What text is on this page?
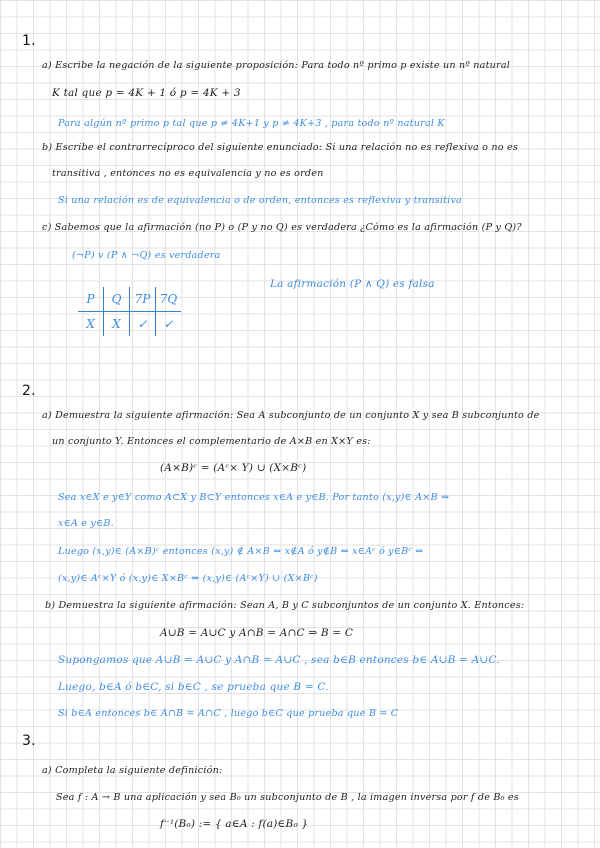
1.
a) Escribe la negación de la siguiente proposición: Para todo nº primo p existe un nº natural
K tal que p = 4K + 1 ó p = 4K + 3
Para algún nº primo p tal que p ≠ 4K+1 y p ≠ 4K+3 , para todo nº natural K
b) Escribe el contrarrecíproco del siguiente enunciado: Si una relación no es reflexiva o no es
transitiva , entonces no es equivalencia y no es orden
Si una relación es de equivalencia o de orden, entonces es reflexiva y transitiva
c) Sabemos que la afirmación (no P) o (P y no Q) es verdadera ¿Cómo es la afirmación (P y Q)?
(¬P) v (P ∧ ¬Q) es verdadera
La afirmación (P ∧ Q) es falsa
P	Q	7P	7Q
X	X	✓	✓
2.
a) Demuestra la siguiente afirmación: Sea A subconjunto de un conjunto X y sea B subconjunto de
un conjunto Y. Entonces el complementario de A×B en X×Y es:
(A×B)ᶜ = (Aᶜ× Y) ∪ (X×Bᶜ)
Sea x∈X e y∈Y como A⊂X y B⊂Y entonces x∈A e y∈B. Por tanto (x,y)∈ A×B ⇔
x∈A e y∈B.
Luego (x,y)∈ (A×B)ᶜ entonces (x,y) ∉ A×B ⇔ x∉A ó y∉B ⇔ x∈Aᶜ ó y∈Bᶜ ⇔
(x,y)∈ Aᶜ×Y ó (x,y)∈ X×Bᶜ ⇔ (x,y)∈ (Aᶜ×Y) ∪ (X×Bᶜ)
b) Demuestra la siguiente afirmación: Sean A, B y C subconjuntos de un conjunto X. Entonces:
A∪B = A∪C y A∩B = A∩C ⇒ B = C
Supongamos que A∪B = A∪C y A∩B = A∪C , sea b∈B entonces b∈ A∪B = A∪C.
Luego, b∈A ó b∈C, si b∈C , se prueba que B = C.
Si b∈A entonces b∈ A∩B = A∩C , luego b∈C que prueba que B = C
3.
a) Completa la siguiente definición:
Sea f : A → B una aplicación y sea B₀ un subconjunto de B , la imagen inversa por f de B₀ es
f⁻¹(B₀) := { a∈A : f(a)∈B₀ }
